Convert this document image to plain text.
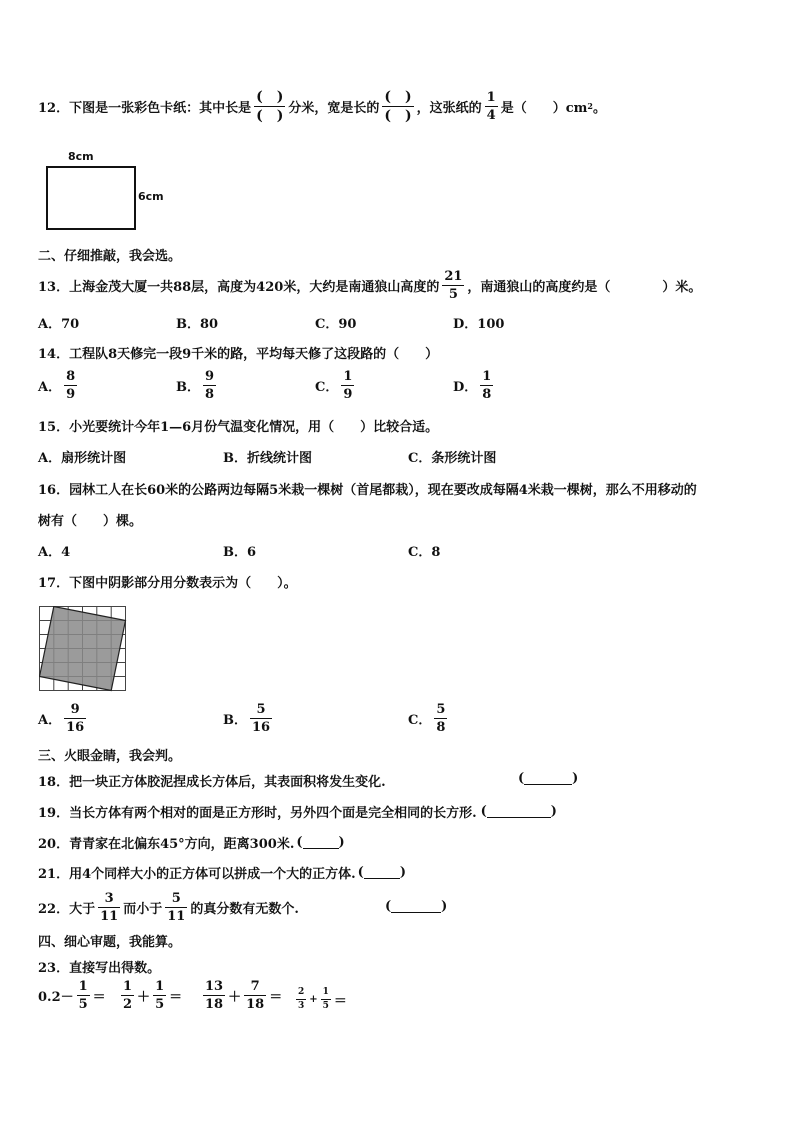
12． 下图是一张彩色卡纸：其中长是 $\frac{( )}{( )}$ 分米，宽是长的 $\frac{( )}{( )}$ ，这张纸的 $\frac{1}{4}$ 是（　　）cm 2 。
8cm
6cm
二、仔细推敲，我会选。
13． 上海金茂大厦一共88层，高度为420米，大约是南通狼山高度的 $\frac{21}{5}$ ，南通狼山的高度约是（　　　　）米。
A．70	B．80	C．90	D．100
14． 工程队8天修完一段9千米的路，平均每天修了这段路的（　　）
A． $\frac{8}{9}$	B． $\frac{9}{8}$	C． $\frac{1}{9}$	D． $\frac{1}{8}$
15． 小光要统计今年1—6月份气温变化情况，用（　　）比较合适。
A．扇形统计图	B．折线统计图	C．条形统计图
16． 园林工人在长60米的公路两边每隔5米栽一棵树（首尾都栽），现在要改成每隔4米栽一棵树，那么不用移动的
树有（　　）棵。
A．4	B．6	C．8
17． 下图中阴影部分用分数表示为（　　）。
A． $\frac{9}{16}$	B． $\frac{5}{16}$	C． $\frac{5}{8}$
三、火眼金睛，我会判。
18． 把一块正方体胶泥捏成长方体后，其表面积将发生变化.	(	)
19． 当长方体有两个相对的面是正方形时，另外四个面是完全相同的长方形. (	)
20． 青青家在北偏东45°方向，距离300米. (	)
21． 用4个同样大小的正方体可以拼成一个大的正方体. (	)
22． 大于 $\frac{3}{11}$ 而小于 $\frac{5}{11}$ 的真分数有无数个.	(	)
四、细心审题，我能算。
23． 直接写出得数。
$0.2- \frac{1}{5} = \frac{1}{2} + \frac{1}{5} = \frac{13}{18} + \frac{7}{18} = \frac{2}{3} + \frac{1}{5}$ ＝
